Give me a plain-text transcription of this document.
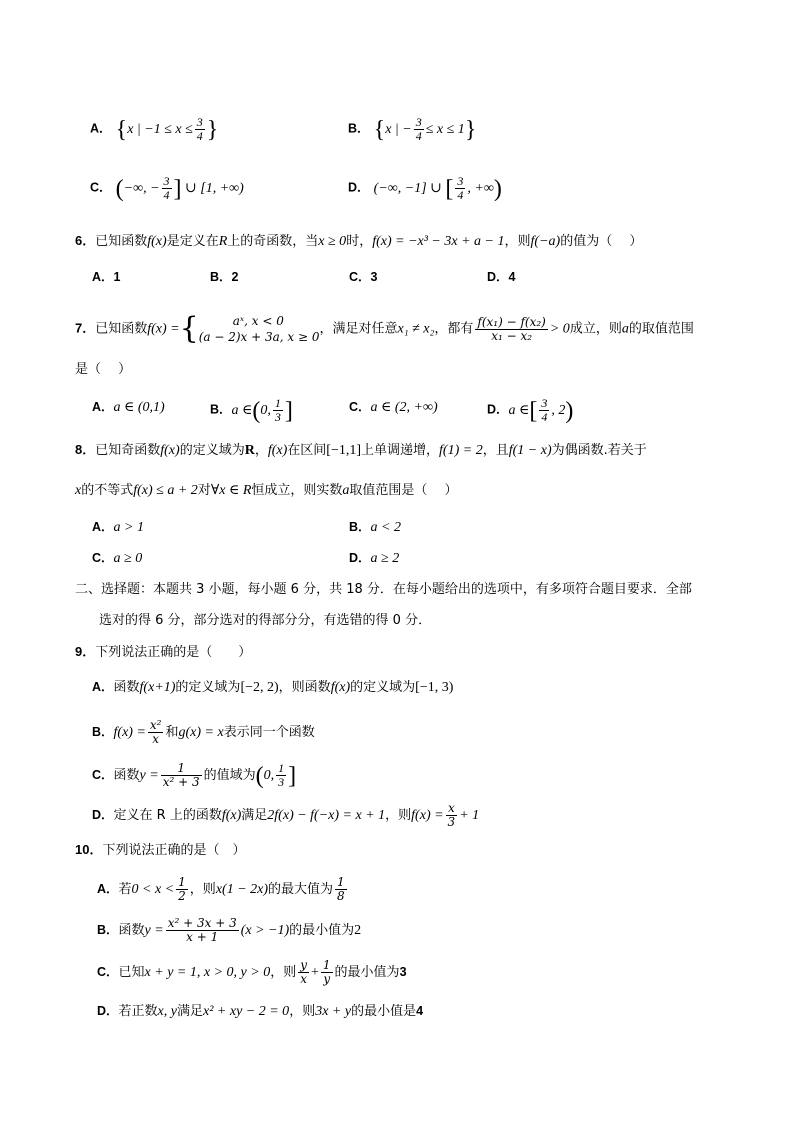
A． {x | $-1 \le x \le \frac{3}{4}$ }	B． {x | − $\frac{3}{4} \le x \le 1$}
C． (−∞, − $\frac{3}{4}$ ] ∪ [1, +∞)	D． (−∞, −1] ∪ [ $\frac{3}{4}$ , +∞)
6．已知函数f(x)是定义在R上的奇函数，当x ≥ 0时，f(x) = −x³ − 3x + a − 1，则f(−a)的值为（　 ）
A．1	B．2	C．3	D．4
7．已知函数f(x) ={	aˣ, x < 0
(a − 2)x + 3a, x ≥ 0
，满足对任意x₁ ≠ x₂，都有 $\frac{\text{f(x₁) − f(x₂)}}{\text{x₁ − x₂}} > 0$成立，则a的取值范围
是（　 ）
A．a ∈ (0,1)	B．a ∈(0, $\frac{1}{3}$ ]	C．a ∈ (2, +∞)	D．a ∈[ $\frac{3}{4}$ , 2)
8．已知奇函数f(x)的定义域为R，f(x)在区间[−1,1]上单调递增，f(1) = 2，且f(1 − x)为偶函数.若关于
x的不等式f(x) ≤ a + 2对∀x ∈ R恒成立，则实数a取值范围是（　 ）
A．a > 1	B．a < 2
C．a ≥ 0	D．a ≥ 2
二、选择题：本题共 3 小题，每小题 6 分，共 18 分．在每小题给出的选项中，有多项符合题目要求．全部
选对的得 6 分，部分选对的得部分分，有选错的得 0 分．
9．下列说法正确的是（　　）
A．函数f(x+1)的定义域为[−2, 2)，则函数f(x)的定义域为[−1, 3)
B．$f(x) = \frac{\text{x²}}{x}$ 和g(x) = x表示同一个函数
C．函数$y = \frac{1}{\text{x² + 3}}$ 的值域为(0, $\frac{1}{3}$ ]
D．定义在 R 上的函数f(x)满足2f(x) − f(−x) = x + 1，则$f(x) = \frac{x}{3} + 1$
10．下列说法正确的是（　）
A．若$0 < x < \frac{1}{2}$ ，则x(1 − 2x)的最大值为 $\frac{1}{8}$
B．函数$y = \frac{\text{x² + 3x + 3}}{x + 1} (x > -1)$的最小值为2
C．已知x + y = 1, x > 0, y > 0，则 $\frac{y}{x} + \frac{1}{y}$ 的最小值为3
D．若正数x, y满足x² + xy − 2 = 0，则3x + y的最小值是4
